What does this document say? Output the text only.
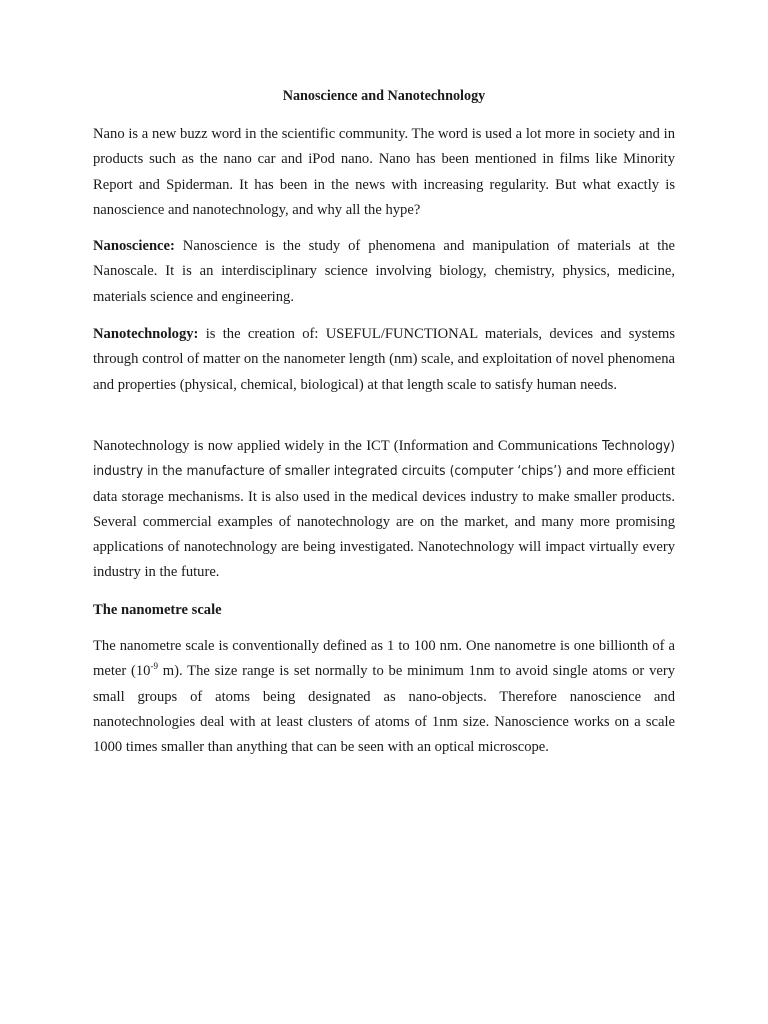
Nanoscience and Nanotechnology

Nano is a new buzz word in the scientific community. The word is used a lot more in society and in products such as the nano car and iPod nano. Nano has been mentioned in films like Minority Report and Spiderman. It has been in the news with increasing regularity. But what exactly is nanoscience and nanotechnology, and why all the hype?

Nanoscience: Nanoscience is the study of phenomena and manipulation of materials at the Nanoscale. It is an interdisciplinary science involving biology, chemistry, physics, medicine, materials science and engineering.

Nanotechnology: is the creation of: USEFUL/FUNCTIONAL materials, devices and systems through control of matter on the nanometer length (nm) scale, and exploitation of novel phenomena and properties (physical, chemical, biological) at that length scale to satisfy human needs.

Nanotechnology is now applied widely in the ICT (Information and Communications Technology) industry in the manufacture of smaller integrated circuits (computer ‘chips’) and more efficient data storage mechanisms. It is also used in the medical devices industry to make smaller products. Several commercial examples of nanotechnology are on the market, and many more promising applications of nanotechnology are being investigated. Nanotechnology will impact virtually every industry in the future.

The nanometre scale

The nanometre scale is conventionally defined as 1 to 100 nm. One nanometre is one billionth of a meter ($10^{-9}$ m). The size range is set normally to be minimum 1nm to avoid single atoms or very small groups of atoms being designated as nano-objects. Therefore nanoscience and nanotechnologies deal with at least clusters of atoms of 1nm size. Nanoscience works on a scale 1000 times smaller than anything that can be seen with an optical microscope.
